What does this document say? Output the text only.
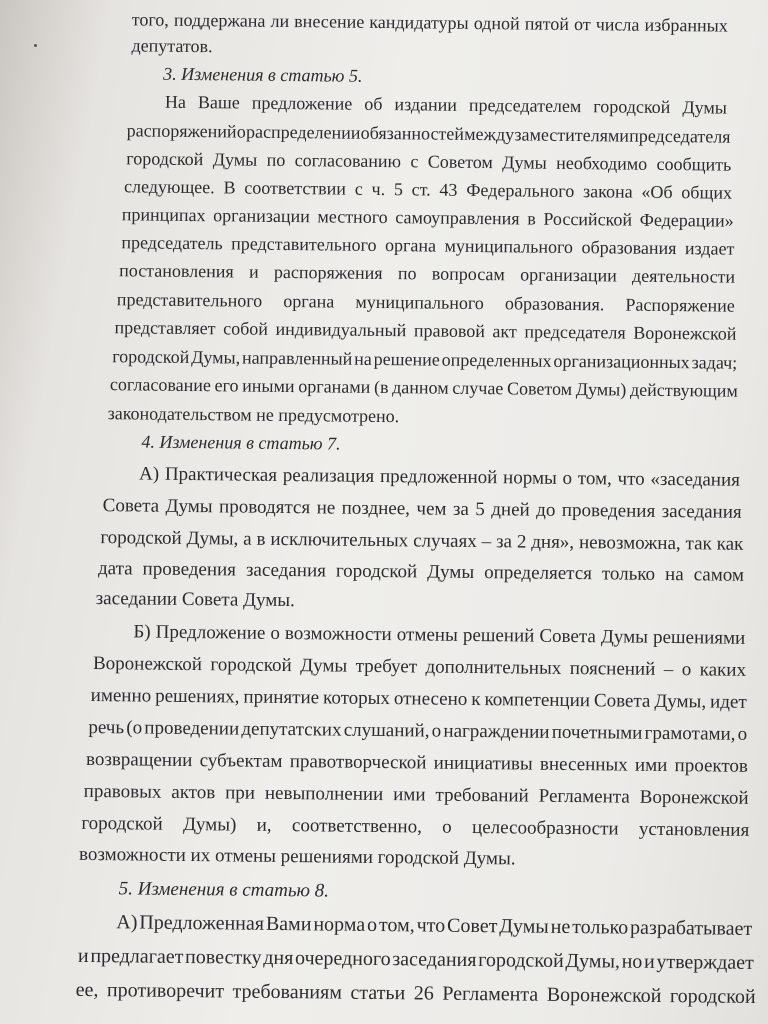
того, поддержана ли внесение кандидатуры одной пятой от числа избранных
депутатов.
3. Изменения в статью 5.
На Ваше предложение об издании председателем городской Думы
распоряжений о распределении обязанностей между заместителями председателя
городской Думы по согласованию с Советом Думы необходимо сообщить
следующее. В соответствии с ч. 5 ст. 43 Федерального закона «Об общих
принципах организации местного самоуправления в Российской Федерации»
председатель представительного органа муниципального образования издает
постановления и распоряжения по вопросам организации деятельности
представительного органа муниципального образования. Распоряжение
представляет собой индивидуальный правовой акт председателя Воронежской
городской Думы, направленный на решение определенных организационных задач;
согласование его иными органами (в данном случае Советом Думы) действующим
законодательством не предусмотрено.
4. Изменения в статью 7.
А) Практическая реализация предложенной нормы о том, что «заседания
Совета Думы проводятся не позднее, чем за 5 дней до проведения заседания
городской Думы, а в исключительных случаях – за 2 дня», невозможна, так как
дата проведения заседания городской Думы определяется только на самом
заседании Совета Думы.
Б) Предложение о возможности отмены решений Совета Думы решениями
Воронежской городской Думы требует дополнительных пояснений – о каких
именно решениях, принятие которых отнесено к компетенции Совета Думы, идет
речь (о проведении депутатских слушаний, о награждении почетными грамотами, о
возвращении субъектам правотворческой инициативы внесенных ими проектов
правовых актов при невыполнении ими требований Регламента Воронежской
городской Думы) и, соответственно, о целесообразности установления
возможности их отмены решениями городской Думы.
5. Изменения в статью 8.
А) Предложенная Вами норма о том, что Совет Думы не только разрабатывает
и предлагает повестку дня очередного заседания городской Думы, но и утверждает
ее, противоречит требованиям статьи 26 Регламента Воронежской городской
